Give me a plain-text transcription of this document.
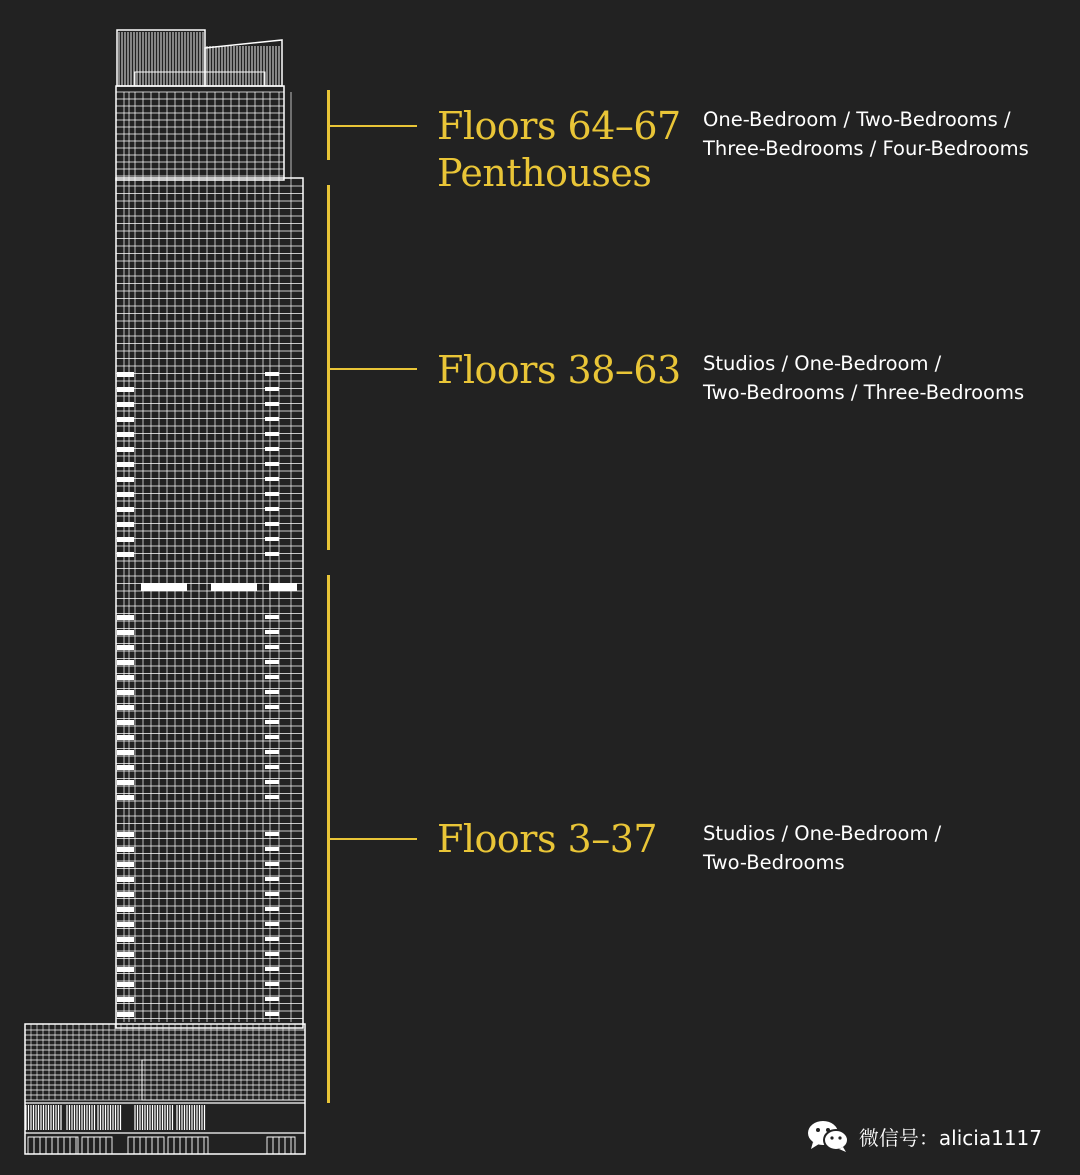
Floors 64–67
Penthouses
One-Bedroom / Two-Bedrooms /
Three-Bedrooms / Four-Bedrooms
Floors 38–63 Studios / One-Bedroom /
Two-Bedrooms / Three-Bedrooms
Floors 3–37 Studios / One-Bedroom /
Two-Bedrooms
微信号：alicia1117
